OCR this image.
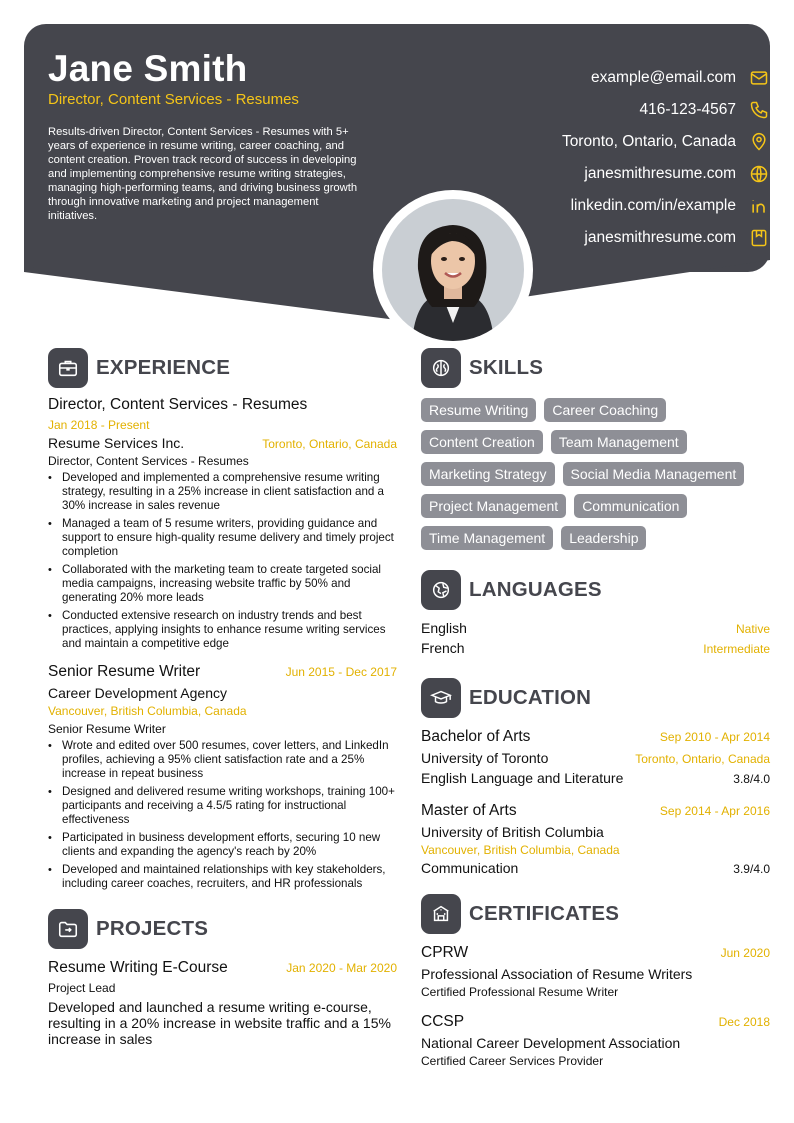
Jane Smith
Director, Content Services - Resumes
Results-driven Director, Content Services - Resumes with 5+ years of experience in resume writing, career coaching, and content creation. Proven track record of success in developing and implementing comprehensive resume writing strategies, managing high-performing teams, and driving business growth through innovative marketing and project management initiatives.
example@email.com
416-123-4567
Toronto, Ontario, Canada
janesmithresume.com
linkedin.com/in/example
janesmithresume.com
EXPERIENCE
Director, Content Services - Resumes
Jan 2018 - Present
Resume Services Inc.	Toronto, Ontario, Canada
Director, Content Services - Resumes
• Developed and implemented a comprehensive resume writing strategy, resulting in a 25% increase in client satisfaction and a 30% increase in sales revenue
• Managed a team of 5 resume writers, providing guidance and support to ensure high-quality resume delivery and timely project completion
• Collaborated with the marketing team to create targeted social media campaigns, increasing website traffic by 50% and generating 20% more leads
• Conducted extensive research on industry trends and best practices, applying insights to enhance resume writing services and maintain a competitive edge
Senior Resume Writer	Jun 2015 - Dec 2017
Career Development Agency
Vancouver, British Columbia, Canada
Senior Resume Writer
• Wrote and edited over 500 resumes, cover letters, and LinkedIn profiles, achieving a 95% client satisfaction rate and a 25% increase in repeat business
• Designed and delivered resume writing workshops, training 100+ participants and receiving a 4.5/5 rating for instructional effectiveness
• Participated in business development efforts, securing 10 new clients and expanding the agency's reach by 20%
• Developed and maintained relationships with key stakeholders, including career coaches, recruiters, and HR professionals
PROJECTS
Resume Writing E-Course	Jan 2020 - Mar 2020
Project Lead
Developed and launched a resume writing e-course, resulting in a 20% increase in website traffic and a 15% increase in sales
SKILLS
Resume Writing	Career Coaching
Content Creation	Team Management
Marketing Strategy	Social Media Management
Project Management	Communication
Time Management	Leadership
LANGUAGES
English	Native
French	Intermediate
EDUCATION
Bachelor of Arts	Sep 2010 - Apr 2014
University of Toronto	Toronto, Ontario, Canada
English Language and Literature	3.8/4.0
Master of Arts	Sep 2014 - Apr 2016
University of British Columbia
Vancouver, British Columbia, Canada
Communication	3.9/4.0
CERTIFICATES
CPRW	Jun 2020
Professional Association of Resume Writers
Certified Professional Resume Writer
CCSP	Dec 2018
National Career Development Association
Certified Career Services Provider
